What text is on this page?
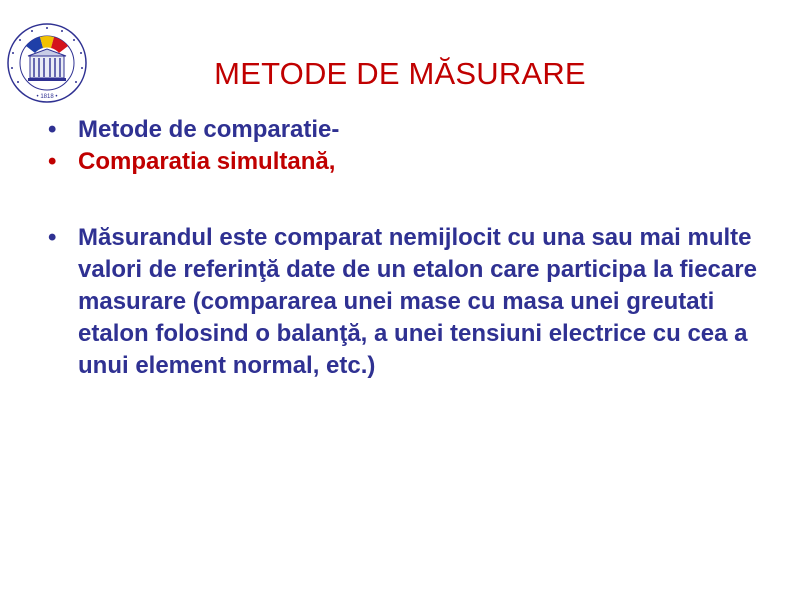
• 1818 •
METODE DE MĂSURARE
• Metode de comparatie-
• Comparatia simultană,
• Măsurandul este comparat nemijlocit cu una sau mai multe valori de referinţă date de un etalon care participa la fiecare masurare (compararea unei mase cu masa unei greutati etalon folosind o balanţă, a unei tensiuni electrice cu cea a unui element normal, etc.)
